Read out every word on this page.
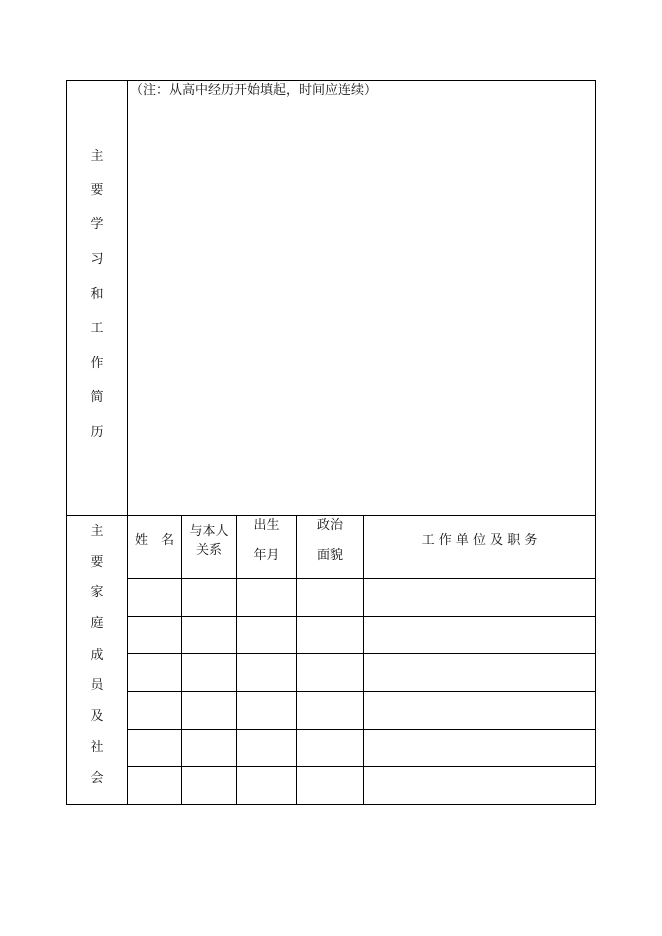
主
要
学
习
和
工
作
简
历
（注：从高中经历开始填起，时间应连续）
主
要
家
庭
成
员
及
社
会
姓　名
与本人
关系
出生
年月
政治
面貌
工 作 单 位 及 职 务
